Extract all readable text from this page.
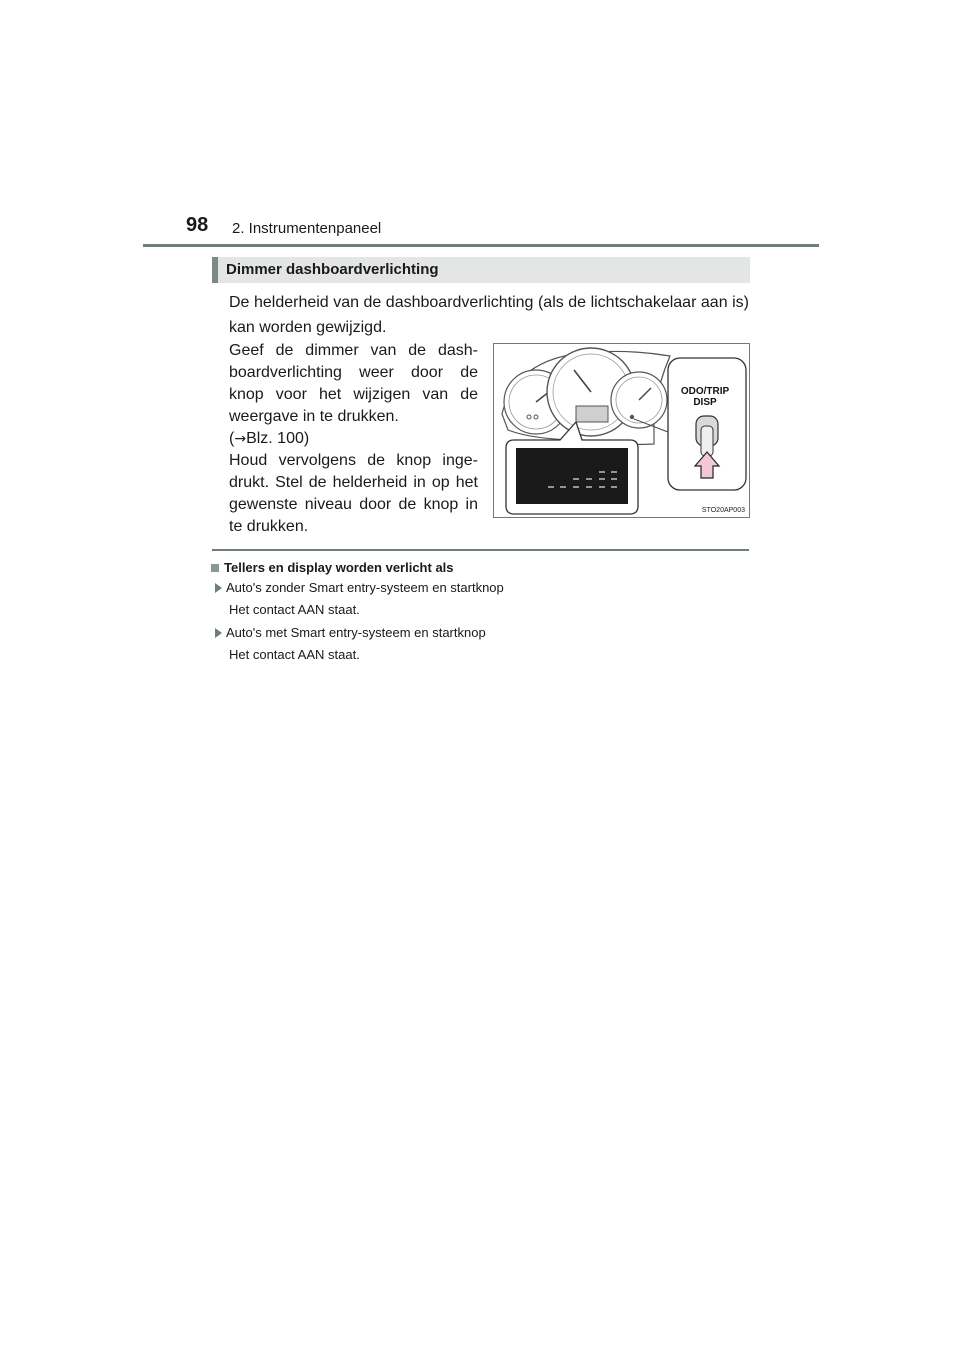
98 2. Instrumentenpaneel
Dimmer dashboardverlichting
De helderheid van de dashboardverlichting (als de lichtschakelaar aan is) kan worden gewijzigd.

Geef de dimmer van de dash-boardverlichting weer door de knop voor het wijzigen van de weergave in te drukken.

(→Blz. 100)

Houd vervolgens de knop inge-drukt. Stel de helderheid in op het gewenste niveau door de knop in te drukken.

ODO/TRIP
DISP
STO20AP003
Tellers en display worden verlicht als
Auto's zonder Smart entry-systeem en startknop
Het contact AAN staat.
Auto's met Smart entry-systeem en startknop
Het contact AAN staat.
